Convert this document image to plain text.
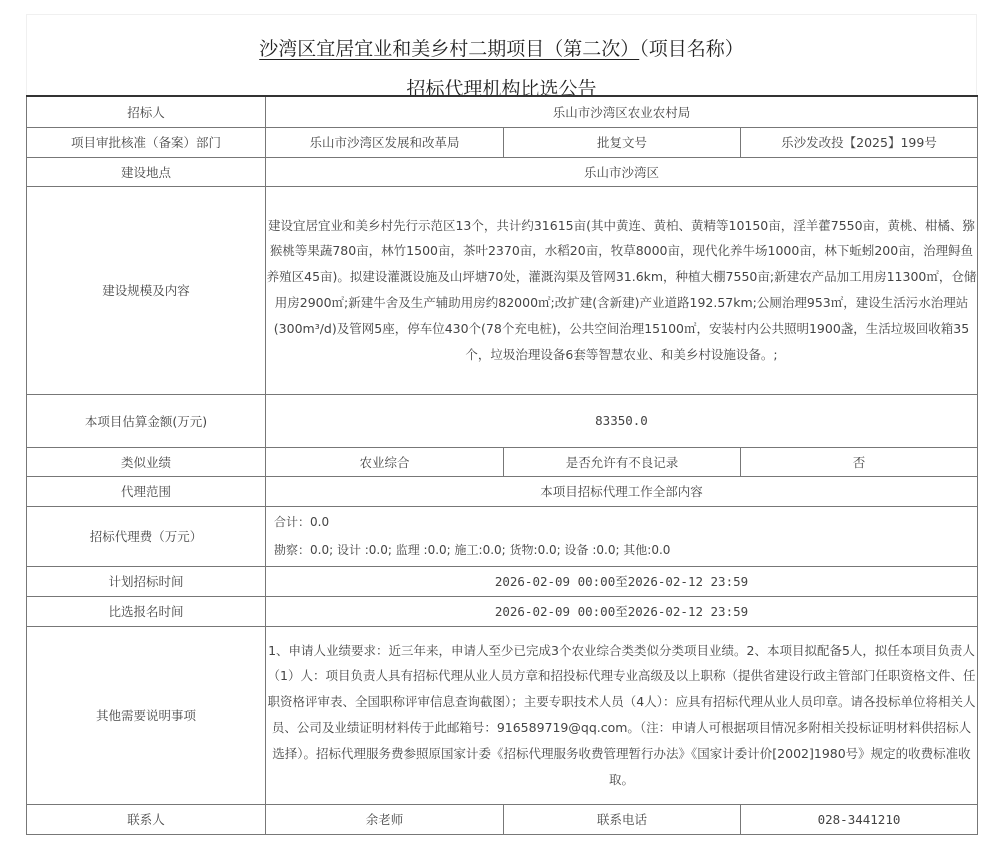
沙湾区宜居宜业和美乡村二期项目（第二次）（项目名称）
招标代理机构比选公告
招标人	乐山市沙湾区农业农村局		
项目审批核准（备案）部门	乐山市沙湾区发展和改革局	批复文号	乐沙发改投【2025】199号
建设地点	乐山市沙湾区		
建设规模及内容	建设宜居宜业和美乡村先行示范区13个，共计约31615亩(其中黄连、黄柏、黄精等10150亩，淫羊藿7550亩，黄桃、柑橘、猕猴桃等果蔬780亩，林竹1500亩，茶叶2370亩，水稻20亩，牧草8000亩，现代化养牛场1000亩，林下蚯蚓200亩，治理鲟鱼养殖区45亩)。拟建设灌溉设施及山坪塘70处，灌溉沟渠及管网31.6km，种植大棚7550亩;新建农产品加工用房11300㎡，仓储用房2900㎡;新建牛舍及生产辅助用房约82000㎡;改扩建(含新建)产业道路192.57km;公厕治理953㎡，建设生活污水治理站(300m³/d)及管网5座，停车位430个(78个充电桩)，公共空间治理15100㎡，安装村内公共照明1900盏，生活垃圾回收箱35个，垃圾治理设备6套等智慧农业、和美乡村设施设备。;		
本项目估算金额(万元)	83350.0		
类似业绩	农业综合	是否允许有不良记录	否
代理范围	本项目招标代理工作全部内容		
招标代理费（万元）	合计：0.0
勘察：0.0; 设计 :0.0; 监理 :0.0; 施工:0.0; 货物:0.0; 设备 :0.0; 其他:0.0		

计划招标时间	2026-02-09 00:00至2026-02-12 23:59		
比选报名时间	2026-02-09 00:00至2026-02-12 23:59		
其他需要说明事项	1、申请人业绩要求：近三年来，申请人至少已完成3个农业综合类类似分类项目业绩。2、本项目拟配备5人，拟任本项目负责人（1）人：项目负责人具有招标代理从业人员方章和招投标代理专业高级及以上职称（提供省建设行政主管部门任职资格文件、任职资格评审表、全国职称评审信息查询截图）；主要专职技术人员（4人）：应具有招标代理从业人员印章。请各投标单位将相关人员、公司及业绩证明材料传于此邮箱号：916589719@qq.com。（注：申请人可根据项目情况多附相关投标证明材料供招标人选择）。招标代理服务费参照原国家计委《招标代理服务收费管理暂行办法》《国家计委计价[2002]1980号》规定的收费标准收取。		
联系人	余老师	联系电话	028-3441210
